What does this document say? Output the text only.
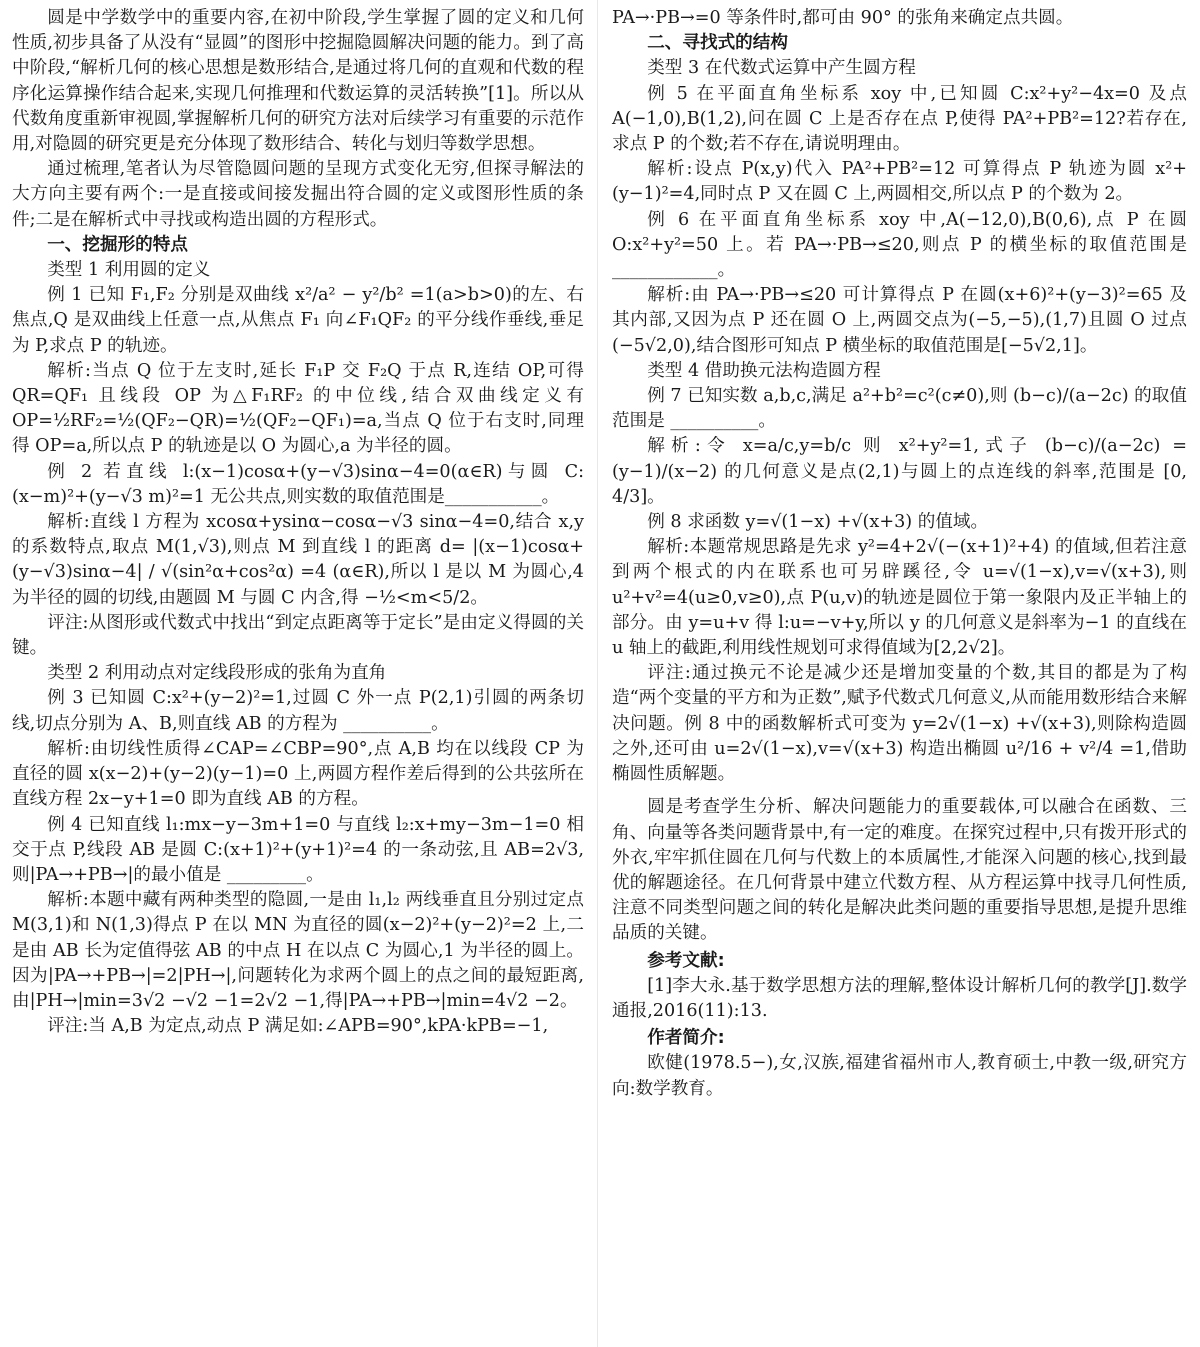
圆是中学数学中的重要内容,在初中阶段,学生掌握了圆的定义和几何性质,初步具备了从没有“显圆”的图形中挖掘隐圆解决问题的能力。到了高中阶段,“解析几何的核心思想是数形结合,是通过将几何的直观和代数的程序化运算操作结合起来,实现几何推理和代数运算的灵活转换”[1]。所以从代数角度重新审视圆,掌握解析几何的研究方法对后续学习有重要的示范作用,对隐圆的研究更是充分体现了数形结合、转化与划归等数学思想。

通过梳理,笔者认为尽管隐圆问题的呈现方式变化无穷,但探寻解法的大方向主要有两个:一是直接或间接发掘出符合圆的定义或图形性质的条件;二是在解析式中寻找或构造出圆的方程形式。

一、挖掘形的特点
类型 1 利用圆的定义

例 1 已知 F₁,F₂ 分别是双曲线 x²/a² − y²/b² =1(a>b>0)的左、右焦点,Q 是双曲线上任意一点,从焦点 F₁ 向∠F₁QF₂ 的平分线作垂线,垂足为 P,求点 P 的轨迹。

解析:当点 Q 位于左支时,延长 F₁P 交 F₂Q 于点 R,连结 OP,可得 QR=QF₁ 且线段 OP 为△F₁RF₂ 的中位线,结合双曲线定义有 OP=½RF₂=½(QF₂−QR)=½(QF₂−QF₁)=a,当点 Q 位于右支时,同理得 OP=a,所以点 P 的轨迹是以 O 为圆心,a 为半径的圆。

例 2 若直线 l:(x−1)cosα+(y−√3)sinα−4=0(α∈R)与圆 C:(x−m)²+(y−√3 m)²=1 无公共点,则实数的取值范围是___________。

解析:直线 l 方程为 xcosα+ysinα−cosα−√3 sinα−4=0,结合 x,y 的系数特点,取点 M(1,√3),则点 M 到直线 l 的距离 d= |(x−1)cosα+(y−√3)sinα−4| / √(sin²α+cos²α) =4 (α∈R),所以 l 是以 M 为圆心,4 为半径的圆的切线,由题圆 M 与圆 C 内含,得 −½<m<5/2。

评注:从图形或代数式中找出“到定点距离等于定长”是由定义得圆的关键。

类型 2 利用动点对定线段形成的张角为直角

例 3 已知圆 C:x²+(y−2)²=1,过圆 C 外一点 P(2,1)引圆的两条切线,切点分别为 A、B,则直线 AB 的方程为 __________。

解析:由切线性质得∠CAP=∠CBP=90°,点 A,B 均在以线段 CP 为直径的圆 x(x−2)+(y−2)(y−1)=0 上,两圆方程作差后得到的公共弦所在直线方程 2x−y+1=0 即为直线 AB 的方程。

例 4 已知直线 l₁:mx−y−3m+1=0 与直线 l₂:x+my−3m−1=0 相交于点 P,线段 AB 是圆 C:(x+1)²+(y+1)²=4 的一条动弦,且 AB=2√3,则|PA→+PB→|的最小值是 _________。

解析:本题中藏有两种类型的隐圆,一是由 l₁,l₂ 两线垂直且分别过定点 M(3,1)和 N(1,3)得点 P 在以 MN 为直径的圆(x−2)²+(y−2)²=2 上,二是由 AB 长为定值得弦 AB 的中点 H 在以点 C 为圆心,1 为半径的圆上。因为|PA→+PB→|=2|PH→|,问题转化为求两个圆上的点之间的最短距离,由|PH→|min=3√2 −√2 −1=2√2 −1,得|PA→+PB→|min=4√2 −2。

评注:当 A,B 为定点,动点 P 满足如:∠APB=90°,kPA·kPB=−1,

PA→·PB→=0 等条件时,都可由 90° 的张角来确定点共圆。

二、寻找式的结构
类型 3 在代数式运算中产生圆方程

例 5 在平面直角坐标系 xoy 中,已知圆 C:x²+y²−4x=0 及点 A(−1,0),B(1,2),问在圆 C 上是否存在点 P,使得 PA²+PB²=12?若存在,求点 P 的个数;若不存在,请说明理由。

解析:设点 P(x,y)代入 PA²+PB²=12 可算得点 P 轨迹为圆 x²+(y−1)²=4,同时点 P 又在圆 C 上,两圆相交,所以点 P 的个数为 2。

例 6 在平面直角坐标系 xoy 中,A(−12,0),B(0,6),点 P 在圆 O:x²+y²=50 上。若 PA→·PB→≤20,则点 P 的横坐标的取值范围是 ____________。

解析:由 PA→·PB→≤20 可计算得点 P 在圆(x+6)²+(y−3)²=65 及其内部,又因为点 P 还在圆 O 上,两圆交点为(−5,−5),(1,7)且圆 O 过点(−5√2,0),结合图形可知点 P 横坐标的取值范围是[−5√2,1]。

类型 4 借助换元法构造圆方程

例 7 已知实数 a,b,c,满足 a²+b²=c²(c≠0),则 (b−c)/(a−2c) 的取值范围是 __________。

解析:令 x=a/c,y=b/c 则 x²+y²=1,式子 (b−c)/(a−2c) = (y−1)/(x−2) 的几何意义是点(2,1)与圆上的点连线的斜率,范围是 [0, 4/3]。

例 8 求函数 y=√(1−x) +√(x+3) 的值域。

解析:本题常规思路是先求 y²=4+2√(−(x+1)²+4) 的值域,但若注意到两个根式的内在联系也可另辟蹊径,令 u=√(1−x),v=√(x+3),则 u²+v²=4(u≥0,v≥0),点 P(u,v)的轨迹是圆位于第一象限内及正半轴上的部分。由 y=u+v 得 l:u=−v+y,所以 y 的几何意义是斜率为−1 的直线在 u 轴上的截距,利用线性规划可求得值域为[2,2√2]。

评注:通过换元不论是减少还是增加变量的个数,其目的都是为了构造“两个变量的平方和为正数”,赋予代数式几何意义,从而能用数形结合来解决问题。例 8 中的函数解析式可变为 y=2√(1−x) +√(x+3),则除构造圆之外,还可由 u=2√(1−x),v=√(x+3) 构造出椭圆 u²/16 + v²/4 =1,借助椭圆性质解题。

圆是考查学生分析、解决问题能力的重要载体,可以融合在函数、三角、向量等各类问题背景中,有一定的难度。在探究过程中,只有拨开形式的外衣,牢牢抓住圆在几何与代数上的本质属性,才能深入问题的核心,找到最优的解题途径。在几何背景中建立代数方程、从方程运算中找寻几何性质,注意不同类型问题之间的转化是解决此类问题的重要指导思想,是提升思维品质的关键。

参考文献:

[1]李大永.基于数学思想方法的理解,整体设计解析几何的教学[J].数学通报,2016(11):13.

作者简介:

欧健(1978.5−),女,汉族,福建省福州市人,教育硕士,中教一级,研究方向:数学教育。
